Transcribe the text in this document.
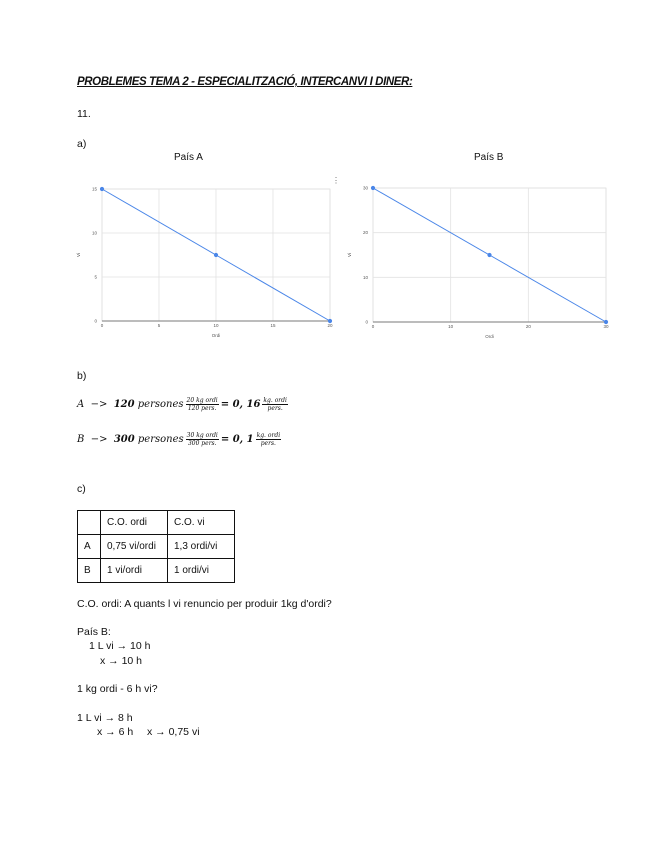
PROBLEMES TEMA 2 - ESPECIALITZACIÓ, INTERCANVI I DINER:
11.
a)
País A
0	5	10	15	20
0
5
10
15
Ordi
Vi
País B
0	10	20	30
0
10
20
30
Ordi
Vi
⋮
b)
A
−>
120
persones $\frac{\text{20 kg ordi}}{\text{120 pers.}} = 0$, $16 \frac{\text{kg. ordi}}{\text{pers.}}$
B
−>
300
persones $\frac{\text{30 kg ordi}}{\text{300 pers.}} = 0$, $1 \frac{\text{kg. ordi}}{\text{pers.}}$
c)
	C.O. ordi	C.O. vi
A	0,75 vi/ordi	1,3 ordi/vi
B	1 vi/ordi	1 ordi/vi
C.O. ordi: A quants l vi renuncio per produir 1kg d'ordi?
País B:
1 L vi → 10 h
x → 10 h
1 kg ordi - 6 h vi?
1 L vi → 8 h
x → 6 h x → 0,75 vi
